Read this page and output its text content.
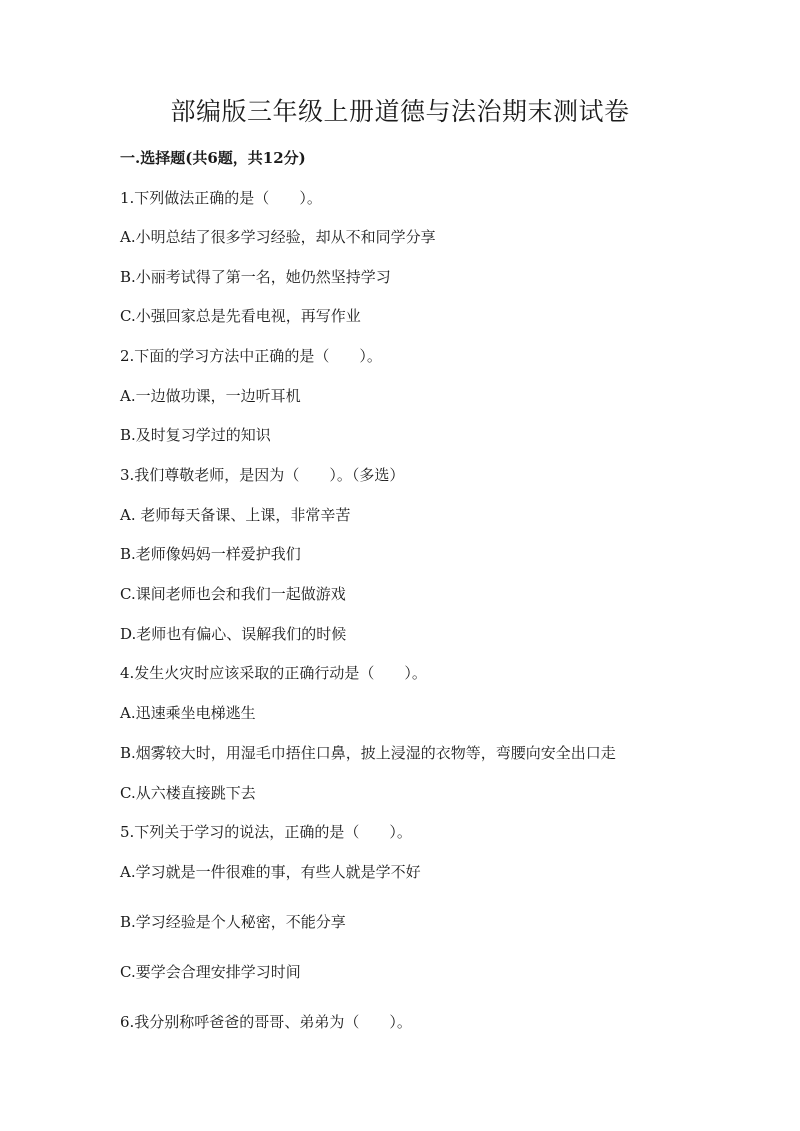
部编版三年级上册道德与法治期末测试卷
一.选择题(共6题，共12分)

1.下列做法正确的是（　　）。

A.小明总结了很多学习经验，却从不和同学分享

B.小丽考试得了第一名，她仍然坚持学习

C.小强回家总是先看电视，再写作业

2.下面的学习方法中正确的是（　　）。

A.一边做功课，一边听耳机

B.及时复习学过的知识

3.我们尊敬老师，是因为（　　）。（多选）

A. 老师每天备课、上课，非常辛苦

B.老师像妈妈一样爱护我们

C.课间老师也会和我们一起做游戏

D.老师也有偏心、误解我们的时候

4.发生火灾时应该采取的正确行动是（　　）。

A.迅速乘坐电梯逃生

B.烟雾较大时，用湿毛巾捂住口鼻，披上浸湿的衣物等，弯腰向安全出口走

C.从六楼直接跳下去

5.下列关于学习的说法，正确的是（　　）。

A.学习就是一件很难的事，有些人就是学不好

B.学习经验是个人秘密，不能分享

C.要学会合理安排学习时间

6.我分别称呼爸爸的哥哥、弟弟为（　　）。
